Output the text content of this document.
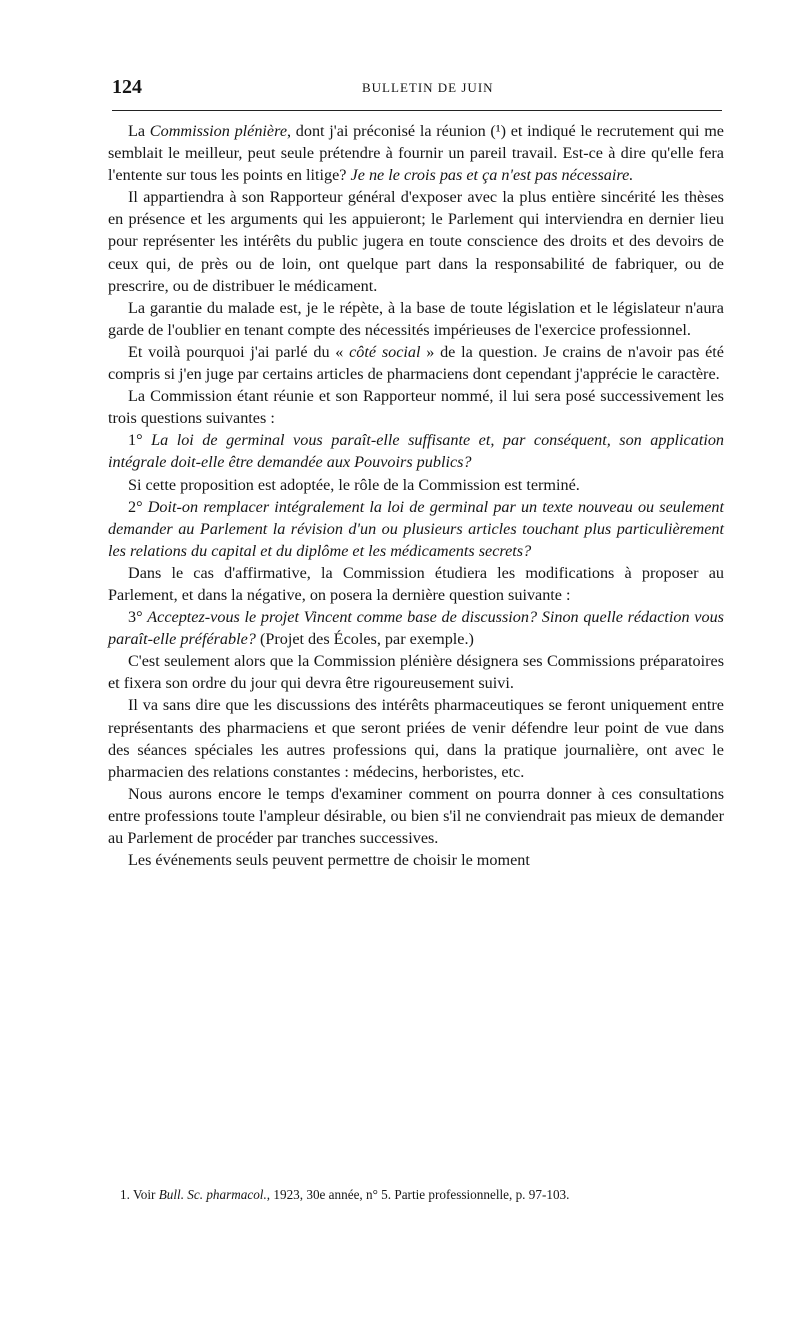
124	BULLETIN DE JUIN

La Commission plénière, dont j'ai préconisé la réunion (¹) et indiqué le recrutement qui me semblait le meilleur, peut seule prétendre à fournir un pareil travail. Est-ce à dire qu'elle fera l'entente sur tous les points en litige? Je ne le crois pas et ça n'est pas nécessaire.

Il appartiendra à son Rapporteur général d'exposer avec la plus entière sincérité les thèses en présence et les arguments qui les appuieront; le Parlement qui interviendra en dernier lieu pour représenter les intérêts du public jugera en toute conscience des droits et des devoirs de ceux qui, de près ou de loin, ont quelque part dans la responsabilité de fabriquer, ou de prescrire, ou de distribuer le médicament.

La garantie du malade est, je le répète, à la base de toute législation et le législateur n'aura garde de l'oublier en tenant compte des nécessités impérieuses de l'exercice professionnel.

Et voilà pourquoi j'ai parlé du « côté social » de la question. Je crains de n'avoir pas été compris si j'en juge par certains articles de pharmaciens dont cependant j'apprécie le caractère.

La Commission étant réunie et son Rapporteur nommé, il lui sera posé successivement les trois questions suivantes :

1° La loi de germinal vous paraît-elle suffisante et, par conséquent, son application intégrale doit-elle être demandée aux Pouvoirs publics?

Si cette proposition est adoptée, le rôle de la Commission est terminé.

2° Doit-on remplacer intégralement la loi de germinal par un texte nouveau ou seulement demander au Parlement la révision d'un ou plusieurs articles touchant plus particulièrement les relations du capital et du diplôme et les médicaments secrets?

Dans le cas d'affirmative, la Commission étudiera les modifications à proposer au Parlement, et dans la négative, on posera la dernière question suivante :

3° Acceptez-vous le projet Vincent comme base de discussion? Sinon quelle rédaction vous paraît-elle préférable? (Projet des Écoles, par exemple.)

C'est seulement alors que la Commission plénière désignera ses Commissions préparatoires et fixera son ordre du jour qui devra être rigoureusement suivi.

Il va sans dire que les discussions des intérêts pharmaceutiques se feront uniquement entre représentants des pharmaciens et que seront priées de venir défendre leur point de vue dans des séances spéciales les autres professions qui, dans la pratique journalière, ont avec le pharmacien des relations constantes : médecins, herboristes, etc.

Nous aurons encore le temps d'examiner comment on pourra donner à ces consultations entre professions toute l'ampleur désirable, ou bien s'il ne conviendrait pas mieux de demander au Parlement de procéder par tranches successives.

Les événements seuls peuvent permettre de choisir le moment

1. Voir Bull. Sc. pharmacol., 1923, 30e année, n° 5. Partie professionnelle, p. 97-103.
